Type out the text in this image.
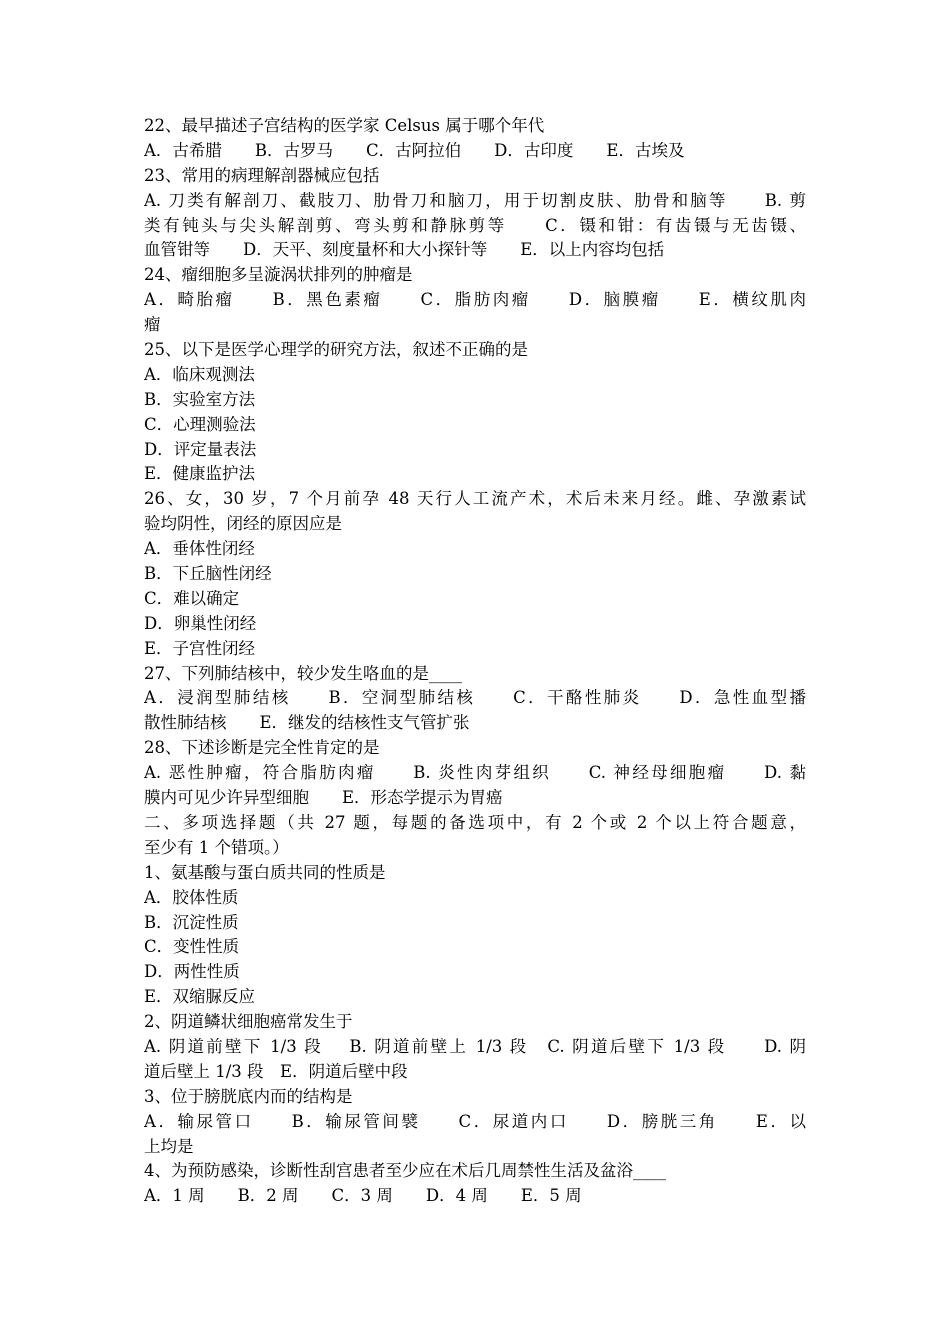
22、最早描述子宫结构的医学家 Celsus 属于哪个年代
A．古希腊　　B．古罗马　　C．古阿拉伯　　D．古印度　　E．古埃及
23、常用的病理解剖器械应包括
A. 刀类有解剖刀、截肢刀、肋骨刀和脑刀，用于切割皮肤、肋骨和脑等　　B. 剪
类有钝头与尖头解剖剪、弯头剪和静脉剪等　　C．镊和钳：有齿镊与无齿镊、
血管钳等　　D．天平、刻度量杯和大小探针等　　E．以上内容均包括
24、瘤细胞多呈漩涡状排列的肿瘤是
A．畸胎瘤　　B．黑色素瘤　　C．脂肪肉瘤　　D．脑膜瘤　　E．横纹肌肉
瘤
25、以下是医学心理学的研究方法，叙述不正确的是
A．临床观测法
B．实验室方法
C．心理测验法
D．评定量表法
E．健康监护法
26、女，30 岁，7 个月前孕 48 天行人工流产术，术后未来月经。雌、孕激素试
验均阴性，闭经的原因应是
A．垂体性闭经
B．下丘脑性闭经
C．难以确定
D．卵巢性闭经
E．子宫性闭经
27、下列肺结核中，较少发生咯血的是____
A．浸润型肺结核　　B．空洞型肺结核　　C．干酪性肺炎　　D．急性血型播
散性肺结核　　E．继发的结核性支气管扩张
28、下述诊断是完全性肯定的是
A. 恶性肿瘤，符合脂肪肉瘤　　B. 炎性肉芽组织　　C. 神经母细胞瘤　　D. 黏
膜内可见少许异型细胞　　E．形态学提示为胃癌
二、多项选择题（共 27 题，每题的备选项中，有 2 个或 2 个以上符合题意，
至少有 1 个错项。）
1、氨基酸与蛋白质共同的性质是
A．胶体性质
B．沉淀性质
C．变性性质
D．两性性质
E．双缩脲反应
2、阴道鳞状细胞癌常发生于
A. 阴道前壁下 1/3 段　 B. 阴道前壁上 1/3 段　C. 阴道后壁下 1/3 段　　D. 阴
道后壁上 1/3 段　E．阴道后壁中段
3、位于膀胱底内而的结构是
A．输尿管口　　B．输尿管间襞　　C．尿道内口　　D．膀胱三角　　E．以
上均是
4、为预防感染，诊断性刮宫患者至少应在术后几周禁性生活及盆浴____
A．1 周　　B．2 周　　C．3 周　　D．4 周　　E．5 周
